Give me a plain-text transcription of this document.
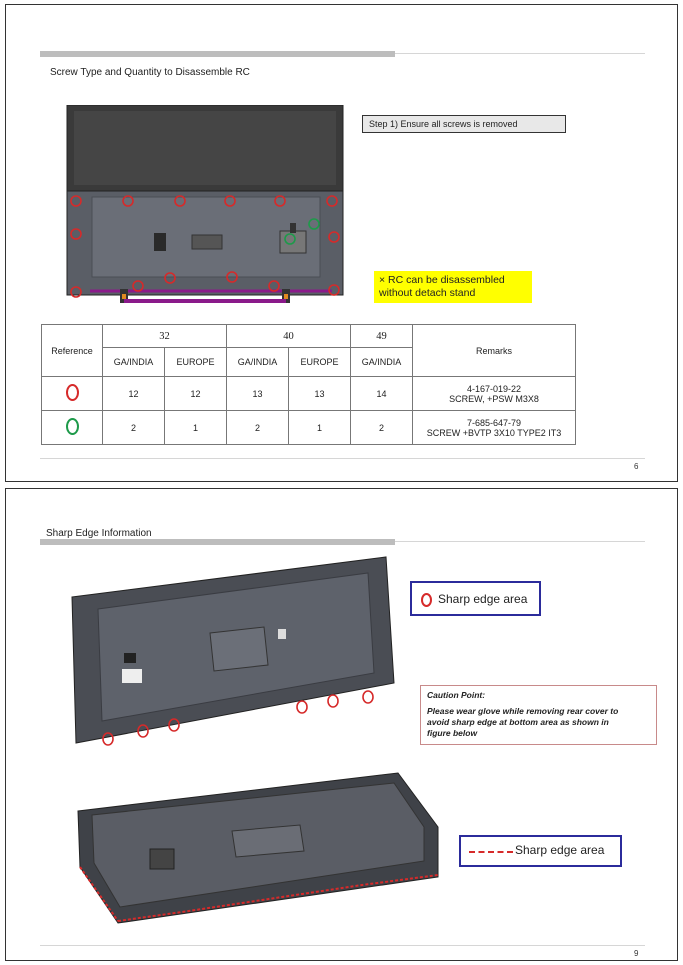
Screw Type and Quantity to Disassemble RC
Step 1) Ensure all screws is removed
× RC can be disassembled
without detach stand
Reference	32		40		49	Remarks
	GA/INDIA	EUROPE	GA/INDIA	EUROPE	GA/INDIA	
	12	12	13	13	14	4-167-019-22
SCREW, +PSW M3X8

	2	1	2	1	2	7-685-647-79
SCREW +BVTP 3X10 TYPE2 IT3
6
Sharp Edge Information
Sharp edge area
Caution Point:
Please wear glove while removing rear cover to
avoid sharp edge at bottom area as shown in
figure below
Sharp edge area
9
